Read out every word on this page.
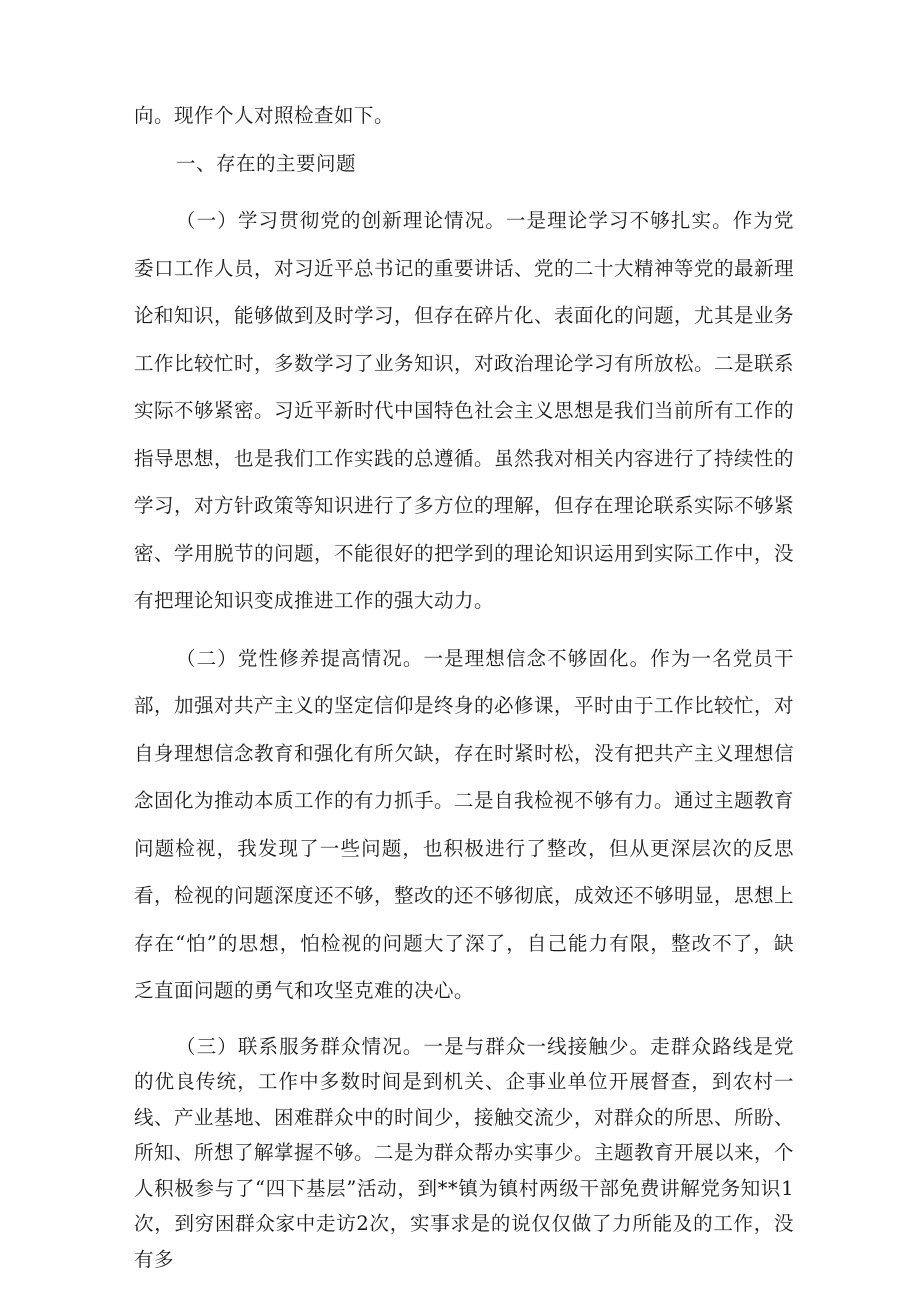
向。现作个人对照检查如下。

一、存在的主要问题

（一）学习贯彻党的创新理论情况。一是理论学习不够扎实。作为党委口工作人员，对习近平总书记的重要讲话、党的二十大精神等党的最新理论和知识，能够做到及时学习，但存在碎片化、表面化的问题，尤其是业务工作比较忙时，多数学习了业务知识，对政治理论学习有所放松。二是联系实际不够紧密。习近平新时代中国特色社会主义思想是我们当前所有工作的指导思想，也是我们工作实践的总遵循。虽然我对相关内容进行了持续性的学习，对方针政策等知识进行了多方位的理解，但存在理论联系实际不够紧密、学用脱节的问题，不能很好的把学到的理论知识运用到实际工作中，没有把理论知识变成推进工作的强大动力。

（二）党性修养提高情况。一是理想信念不够固化。作为一名党员干部，加强对共产主义的坚定信仰是终身的必修课，平时由于工作比较忙，对自身理想信念教育和强化有所欠缺，存在时紧时松，没有把共产主义理想信念固化为推动本质工作的有力抓手。二是自我检视不够有力。通过主题教育问题检视，我发现了一些问题，也积极进行了整改，但从更深层次的反思看，检视的问题深度还不够，整改的还不够彻底，成效还不够明显，思想上存在“怕”的思想，怕检视的问题大了深了，自己能力有限，整改不了，缺乏直面问题的勇气和攻坚克难的决心。

（三）联系服务群众情况。一是与群众一线接触少。走群众路线是党的优良传统，工作中多数时间是到机关、企事业单位开展督查，到农村一线、产业基地、困难群众中的时间少，接触交流少，对群众的所思、所盼、所知、所想了解掌握不够。二是为群众帮办实事少。主题教育开展以来，个人积极参与了“四下基层”活动，到**镇为镇村两级干部免费讲解党务知识1次，到穷困群众家中走访2次，实事求是的说仅仅做了力所能及的工作，没有多
